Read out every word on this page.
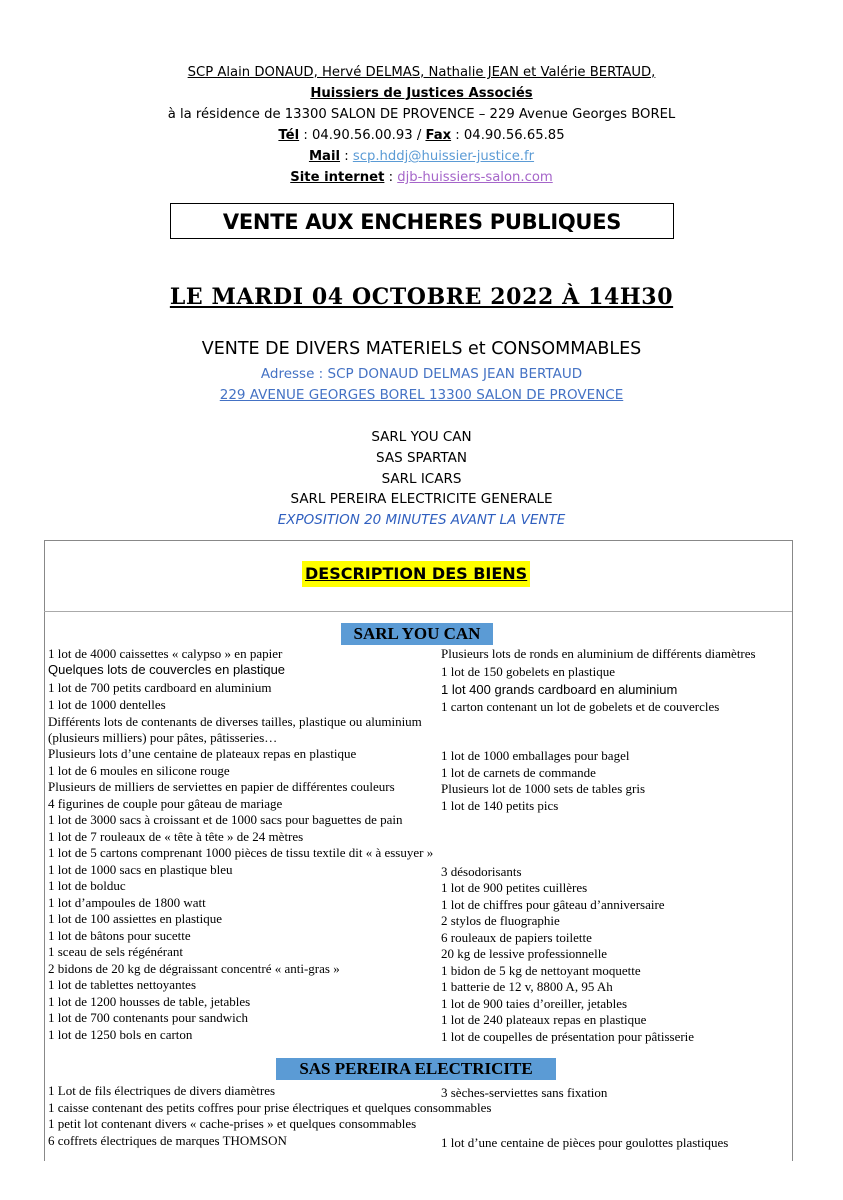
SCP Alain DONAUD, Hervé DELMAS, Nathalie JEAN et Valérie BERTAUD,
Huissiers de Justices Associés
à la résidence de 13300 SALON DE PROVENCE – 229 Avenue Georges BOREL
Tél : 04.90.56.00.93 / Fax : 04.90.56.65.85
Mail : scp.hddj@huissier-justice.fr
Site internet : djb-huissiers-salon.com
VENTE AUX ENCHERES PUBLIQUES
LE MARDI 04 OCTOBRE 2022 À 14H30
VENTE DE DIVERS MATERIELS et CONSOMMABLES
Adresse : SCP DONAUD DELMAS JEAN BERTAUD
229 AVENUE GEORGES BOREL 13300 SALON DE PROVENCE
SARL YOU CAN
SAS SPARTAN
SARL ICARS
SARL PEREIRA ELECTRICITE GENERALE
EXPOSITION 20 MINUTES AVANT LA VENTE
DESCRIPTION DES BIENS
SARL YOU CAN
1 lot de 4000 caissettes « calypso » en papier	Plusieurs lots de ronds en aluminium de différents diamètres
Quelques lots de couvercles en plastique	1 lot de 150 gobelets en plastique
1 lot de 700 petits cardboard en aluminium	1 lot 400 grands cardboard en aluminium
1 lot de 1000 dentelles	1 carton contenant un lot de gobelets et de couvercles
Différents lots de contenants de diverses tailles, plastique ou aluminium
(plusieurs milliers) pour pâtes, pâtisseries…
Plusieurs lots d’une centaine de plateaux repas en plastique	1 lot de 1000 emballages pour bagel
1 lot de 6 moules en silicone rouge	1 lot de carnets de commande
Plusieurs de milliers de serviettes en papier de différentes couleurs	Plusieurs lot de 1000 sets de tables gris
4 figurines de couple pour gâteau de mariage	1 lot de 140 petits pics
1 lot de 3000 sacs à croissant et de 1000 sacs pour baguettes de pain
1 lot de 7 rouleaux de « tête à tête » de 24 mètres
1 lot de 5 cartons comprenant 1000 pièces de tissu textile dit « à essuyer »
1 lot de 1000 sacs en plastique bleu	3 désodorisants
1 lot de bolduc	1 lot de 900 petites cuillères
1 lot d’ampoules de 1800 watt	1 lot de chiffres pour gâteau d’anniversaire
1 lot de 100 assiettes en plastique	2 stylos de fluographie
1 lot de bâtons pour sucette	6 rouleaux de papiers toilette
1 sceau de sels régénérant	20 kg de lessive professionnelle
2 bidons de 20 kg de dégraissant concentré « anti-gras »	1 bidon de 5 kg de nettoyant moquette
1 lot de tablettes nettoyantes	1 batterie de 12 v, 8800 A, 95 Ah
1 lot de 1200 housses de table, jetables	1 lot de 900 taies d’oreiller, jetables
1 lot de 700 contenants pour sandwich	1 lot de 240 plateaux repas en plastique
1 lot de 1250 bols en carton	1 lot de coupelles de présentation pour pâtisserie
SAS PEREIRA ELECTRICITE
1 Lot de fils électriques de divers diamètres	3 sèches-serviettes sans fixation
1 caisse contenant des petits coffres pour prise électriques et quelques consommables
1 petit lot contenant divers « cache-prises » et quelques consommables
6 coffrets électriques de marques THOMSON	1 lot d’une centaine de pièces pour goulottes plastiques
